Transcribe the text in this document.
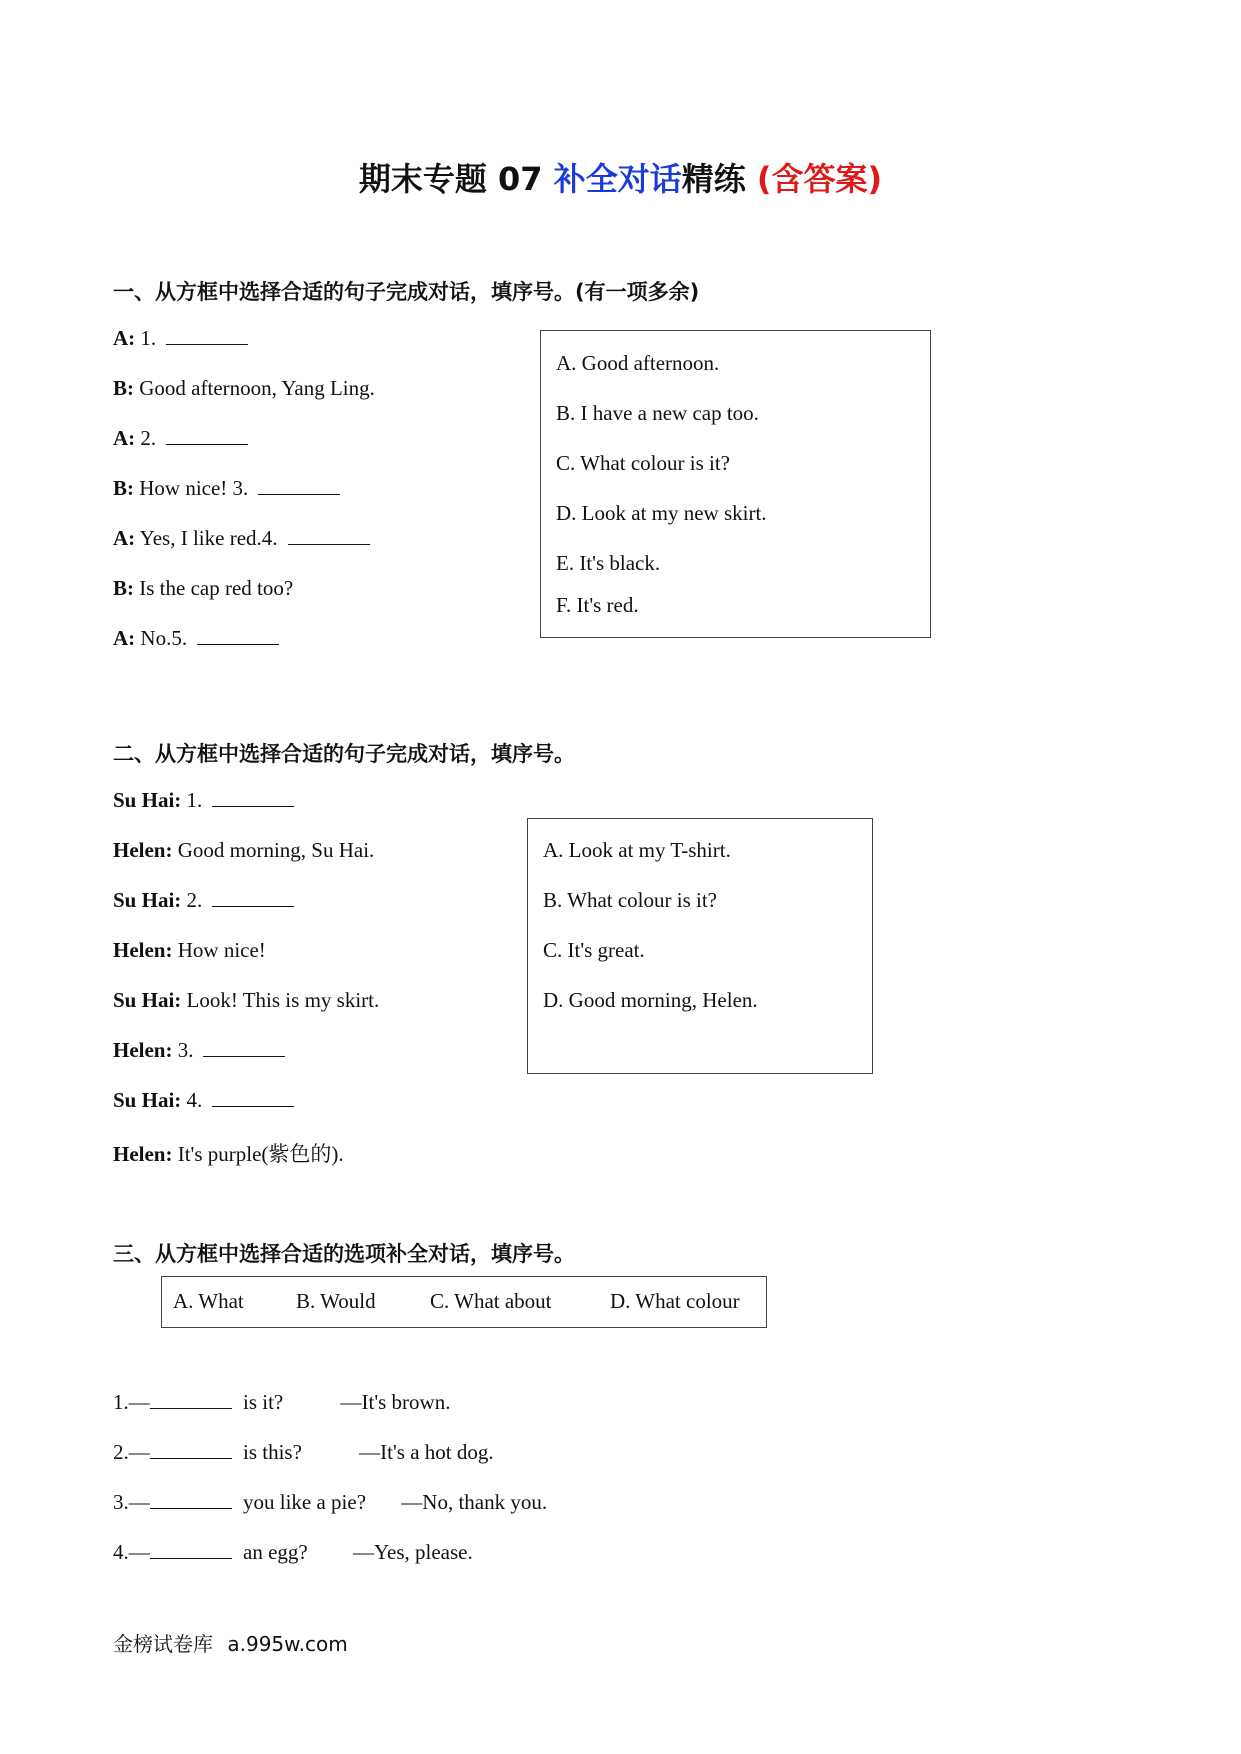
期末专题 07 补全对话精练 (含答案)
一、从方框中选择合适的句子完成对话，填序号。(有一项多余)
A: 1.
B: Good afternoon, Yang Ling.
A: 2.
B: How nice! 3.
A: Yes, I like red.4.
B: Is the cap red too?
A: No.5.
A. Good afternoon.
B. I have a new cap too.
C. What colour is it?
D. Look at my new skirt.
E. It's black.
F. It's red.
二、从方框中选择合适的句子完成对话，填序号。
Su Hai: 1.
Helen: Good morning, Su Hai.
Su Hai: 2.
Helen: How nice!
Su Hai: Look! This is my skirt.
Helen: 3.
Su Hai: 4.
Helen: It's purple(紫色的).
A. Look at my T-shirt.
B. What colour is it?
C. It's great.
D. Good morning, Helen.
三、从方框中选择合适的选项补全对话，填序号。
A. What B. Would	C. What about	D. What colour
1.—	is it?	—It's brown.
2.—	is this?	—It's a hot dog.
3.—	you like a pie? —No, thank you.
4.—	an egg? —Yes, please.
金榜试卷库 a.995w.com
